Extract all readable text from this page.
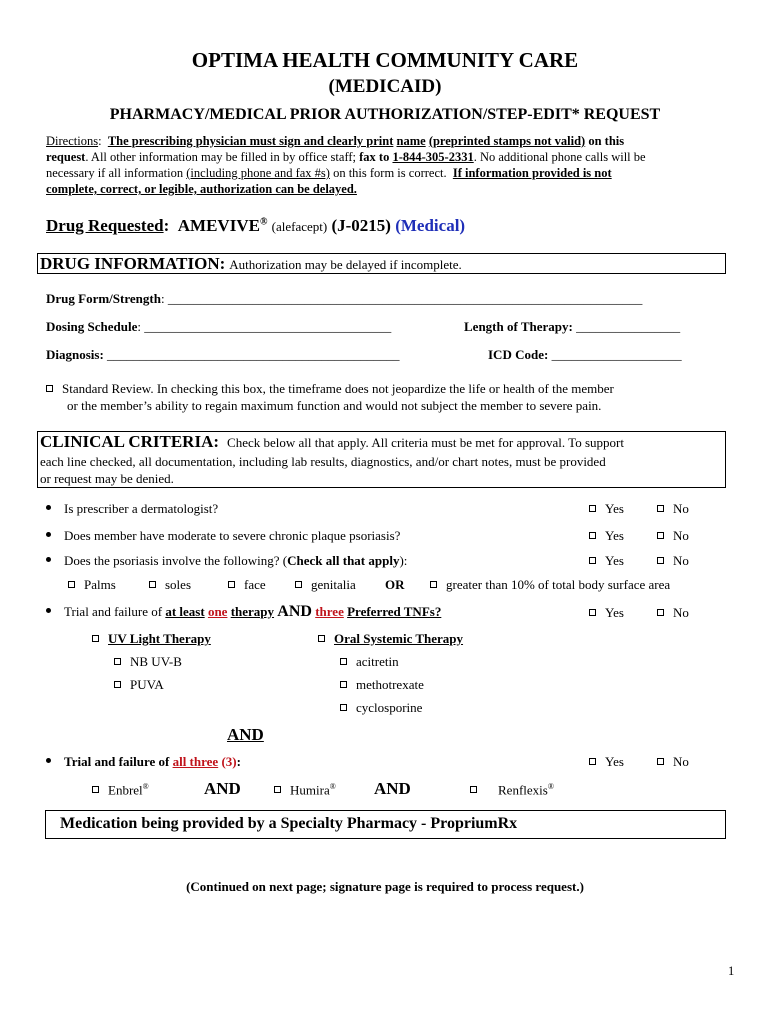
OPTIMA HEALTH COMMUNITY CARE
(MEDICAID)
PHARMACY/MEDICAL PRIOR AUTHORIZATION/STEP-EDIT* REQUEST
Directions: The prescribing physician must sign and clearly print name (preprinted stamps not valid) on this
request. All other information may be filled in by office staff; fax to 1-844-305-2331. No additional phone calls will be
necessary if all information (including phone and fax #s) on this form is correct. If information provided is not
complete, correct, or legible, authorization can be delayed.
Drug Requested: AMEVIVE® (alefacept) (J-0215) (Medical)
DRUG INFORMATION: Authorization may be delayed if incomplete.
Drug Form/Strength: _________________________________________________________________________
Dosing Schedule: ______________________________________	Length of Therapy: ________________
Diagnosis: _____________________________________________	ICD Code: ____________________
Standard Review. In checking this box, the timeframe does not jeopardize the life or health of the member
or the member’s ability to regain maximum function and would not subject the member to severe pain.
CLINICAL CRITERIA: Check below all that apply. All criteria must be met for approval. To support
each line checked, all documentation, including lab results, diagnostics, and/or chart notes, must be provided
or request may be denied.
Is prescriber a dermatologist?	Yes	No
Does member have moderate to severe chronic plaque psoriasis?	Yes	No
Does the psoriasis involve the following? (Check all that apply):	Yes	No
Palms	soles	face	genitalia OR	greater than 10% of total body surface area
Trial and failure of at least one therapy AND three Preferred TNFs?	Yes	No
UV Light Therapy
NB UV-B
PUVA
Oral Systemic Therapy
acitretin
methotrexate
cyclosporine
AND
Trial and failure of all three (3):	Yes	No
Enbrel®	AND	Humira® AND	Renflexis®
Medication being provided by a Specialty Pharmacy - PropriumRx
(Continued on next page; signature page is required to process request.)
1
